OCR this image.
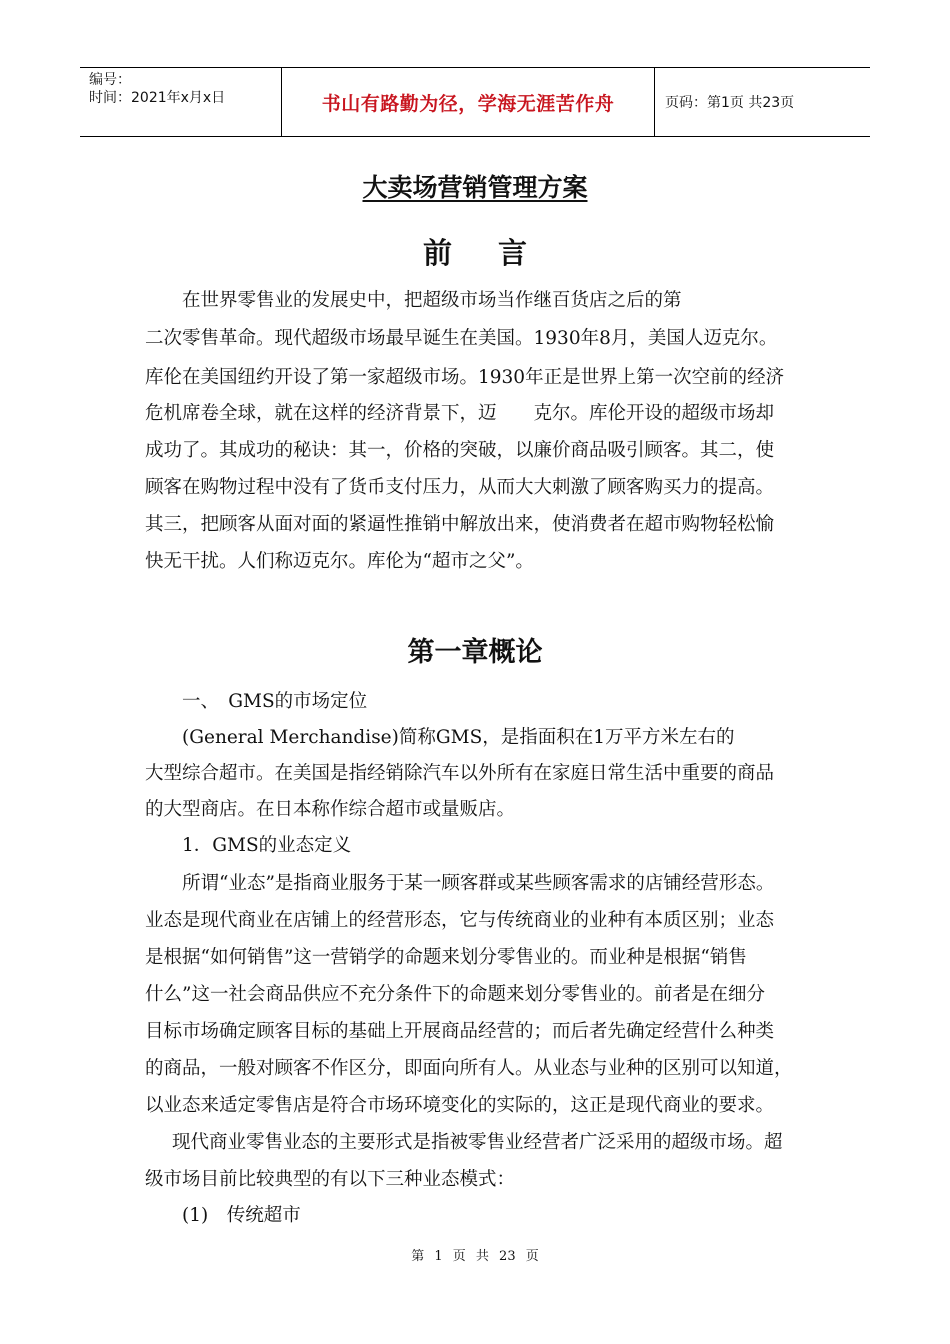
编号：
时间：2021年x月x日	书山有路勤为径，学海无涯苦作舟	页码：第1页 共23页
大卖场营销管理方案
前 言
在世界零售业的发展史中，把超级市场当作继百货店之后的第
二次零售革命。现代超级市场最早诞生在美国。1930年8月，美国人迈克尔。
库伦在美国纽约开设了第一家超级市场。1930年正是世界上第一次空前的经济
危机席卷全球，就在这样的经济背景下，迈　　克尔。库伦开设的超级市场却
成功了。其成功的秘诀：其一，价格的突破，以廉价商品吸引顾客。其二，使
顾客在购物过程中没有了货币支付压力，从而大大刺激了顾客购买力的提高。
其三，把顾客从面对面的紧逼性推销中解放出来，使消费者在超市购物轻松愉
快无干扰。人们称迈克尔。库伦为“超市之父”。
第一章概论
一、　GMS的市场定位
(General Merchandise)简称GMS，是指面积在1万平方米左右的
大型综合超市。在美国是指经销除汽车以外所有在家庭日常生活中重要的商品
的大型商店。在日本称作综合超市或量贩店。
1．GMS的业态定义
所谓“业态”是指商业服务于某一顾客群或某些顾客需求的店铺经营形态。
业态是现代商业在店铺上的经营形态，它与传统商业的业种有本质区别；业态
是根据“如何销售”这一营销学的命题来划分零售业的。而业种是根据“销售
什么”这一社会商品供应不充分条件下的命题来划分零售业的。前者是在细分
目标市场确定顾客目标的基础上开展商品经营的；而后者先确定经营什么种类
的商品，一般对顾客不作区分，即面向所有人。从业态与业种的区别可以知道，
以业态来适定零售店是符合市场环境变化的实际的，这正是现代商业的要求。
现代商业零售业态的主要形式是指被零售业经营者广泛采用的超级市场。超
级市场目前比较典型的有以下三种业态模式：
(1)　传统超市
第 1 页 共 23 页
